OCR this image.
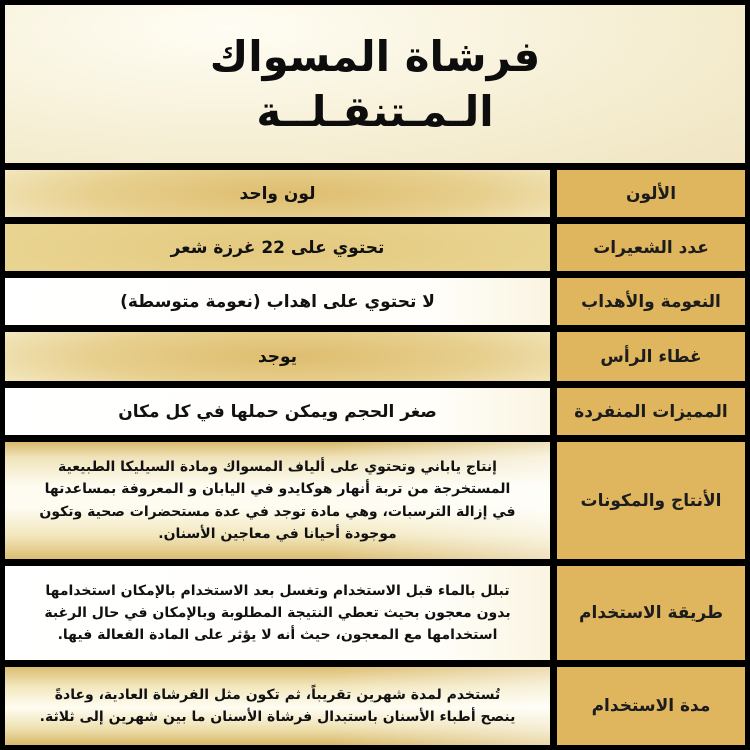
فرشاة المسواك
الـمـتنقـلــة
الألون
لون واحد
عدد الشعيرات
تحتوي على 22 غرزة شعر
النعومة والأهداب
لا تحتوي على اهداب (نعومة متوسطة)
غطاء الرأس
يوجد
المميزات المنفردة
صغر الحجم ويمكن حملها في كل مكان
الأنتاج والمكونات
إنتاج ياباني وتحتوي على ألياف المسواك ومادة السيليكا الطبيعية المستخرجة من تربة أنهار هوكايدو في اليابان و المعروفة بمساعدتها في إزالة الترسبات، وهي مادة توجد في عدة مستحضرات صحية وتكون موجودة أحيانا في معاجين الأسنان.
طريقة الاستخدام
تبلل بالماء قبل الاستخدام وتغسل بعد الاستخدام بالإمكان استخدامها بدون معجون بحيث تعطي النتيجة المطلوبة وبالإمكان في حال الرغبة استخدامها مع المعجون، حيث أنه لا يؤثر على المادة الفعالة فيها.
مدة الاستخدام
تُستخدم لمدة شهرين تقريباً، ثم تكون مثل الفرشاة العادية، وعادةً ينصح أطباء الأسنان باستبدال فرشاة الأسنان ما بين شهرين إلى ثلاثة.
